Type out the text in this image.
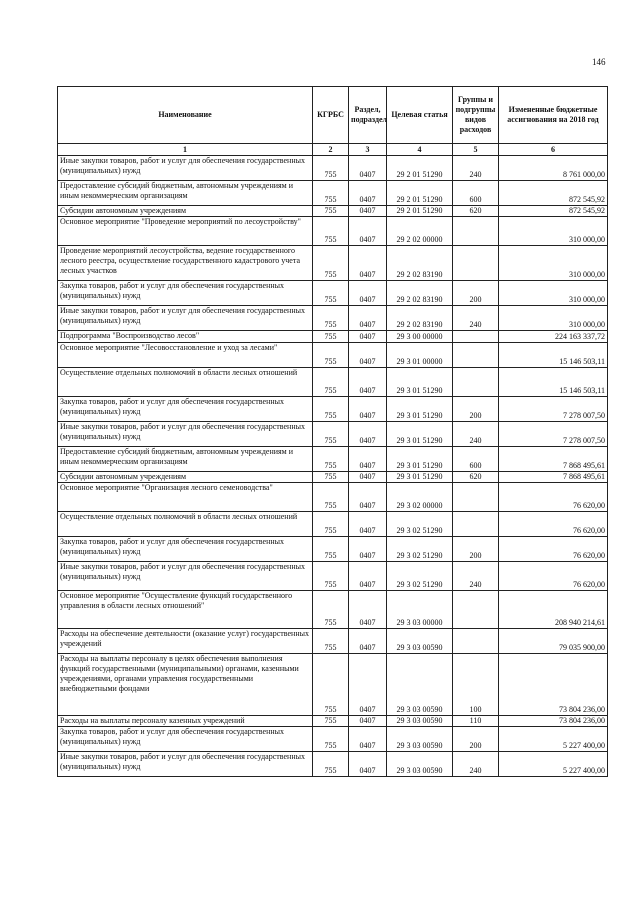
146
Наименование	КГРБС	Раздел, подраздел	Целевая статья	Группы и подгруппы видов расходов	Измененные бюджетные ассигнования на 2018 год
1	2	3	4	5	6
Иные закупки товаров, работ и услуг для обеспечения государственных (муниципальных) нужд	755	0407	29 2 01 51290	240	8 761 000,00
Предоставление субсидий бюджетным, автономным учреждениям и иным некоммерческим организациям	755	0407	29 2 01 51290	600	872 545,92
Субсидии автономным учреждениям	755	0407	29 2 01 51290	620	872 545,92
Основное мероприятие "Проведение мероприятий по лесоустройству"	755	0407	29 2 02 00000		310 000,00
Проведение мероприятий лесоустройства, ведение государственного лесного реестра, осуществление государственного кадастрового учета лесных участков	755	0407	29 2 02 83190		310 000,00
Закупка товаров, работ и услуг для обеспечения государственных (муниципальных) нужд	755	0407	29 2 02 83190	200	310 000,00
Иные закупки товаров, работ и услуг для обеспечения государственных (муниципальных) нужд	755	0407	29 2 02 83190	240	310 000,00
Подпрограмма "Воспроизводство лесов"	755	0407	29 3 00 00000		224 163 337,72
Основное мероприятие "Лесовосстановление и уход за лесами"	755	0407	29 3 01 00000		15 146 503,11
Осуществление отдельных полномочий в области лесных отношений	755	0407	29 3 01 51290		15 146 503,11
Закупка товаров, работ и услуг для обеспечения государственных (муниципальных) нужд	755	0407	29 3 01 51290	200	7 278 007,50
Иные закупки товаров, работ и услуг для обеспечения государственных (муниципальных) нужд	755	0407	29 3 01 51290	240	7 278 007,50
Предоставление субсидий бюджетным, автономным учреждениям и иным некоммерческим организациям	755	0407	29 3 01 51290	600	7 868 495,61
Субсидии автономным учреждениям	755	0407	29 3 01 51290	620	7 868 495,61
Основное мероприятие "Организация лесного семеноводства"	755	0407	29 3 02 00000		76 620,00
Осуществление отдельных полномочий в области лесных отношений	755	0407	29 3 02 51290		76 620,00
Закупка товаров, работ и услуг для обеспечения государственных (муниципальных) нужд	755	0407	29 3 02 51290	200	76 620,00
Иные закупки товаров, работ и услуг для обеспечения государственных (муниципальных) нужд	755	0407	29 3 02 51290	240	76 620,00
Основное мероприятие "Осуществление функций государственного управления в области лесных отношений"	755	0407	29 3 03 00000		208 940 214,61
Расходы на обеспечение деятельности (оказание услуг) государственных учреждений	755	0407	29 3 03 00590		79 035 900,00
Расходы на выплаты персоналу в целях обеспечения выполнения функций государственными (муниципальными) органами, казенными учреждениями, органами управления государственными внебюджетными фондами	755	0407	29 3 03 00590	100	73 804 236,00
Расходы на выплаты персоналу казенных учреждений	755	0407	29 3 03 00590	110	73 804 236,00
Закупка товаров, работ и услуг для обеспечения государственных (муниципальных) нужд	755	0407	29 3 03 00590	200	5 227 400,00
Иные закупки товаров, работ и услуг для обеспечения государственных (муниципальных) нужд	755	0407	29 3 03 00590	240	5 227 400,00
